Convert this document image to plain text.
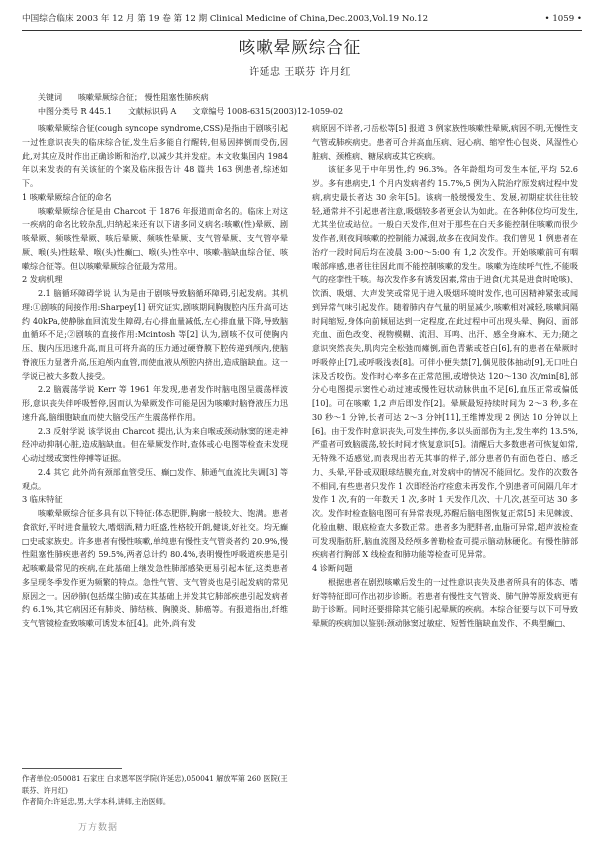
中国综合临床 2003 年 12 月 第 19 卷 第 12 期 Clinical Medicine of China,Dec.2003,Vol.19 No.12	• 1059 •
咳嗽晕厥综合征
许延忠 王联芬 许月红
关键词 咳嗽晕厥综合征； 慢性阻塞性肺疾病
中图分类号 R 445.1 文献标识码 A 文章编号 1008-6315(2003)12-1059-02

咳嗽晕厥综合征(cough syncope syndrome,CSS)是指由于剧咳引起一过性意识丧失的临床综合征,发生后多能自行醒转,但易因摔倒而受伤,因此,对其应及时作出正确诊断和治疗,以减少其并发症。本文收集国内 1984 年以来发表的有关该征的个案及临床报告计 48 篇共 163 例患者,综述如下。

1 咳嗽晕厥综合征的命名

咳嗽晕厥综合征是由 Charcot 于 1876 年报道而命名的。临床上对这一疾病的命名比较杂乱,归纳起来还有以下诸多同义病名:咳嗽(性)晕厥、剧咳晕厥、频咳性晕厥、咳后晕厥、频咳性晕厥、支气管晕厥、支气管亭晕厥、喉(头)性眩晕、喉(头)性癫□、喉(头)性卒中、咳嗽-脑缺血综合征、咳嗽综合征等。但以咳嗽晕厥综合征最为常用。

2 发病机理

2.1 脑循环障碍学说 认为是由于剧咳导致脑循环障碍,引起发病。其机理:①剧咳的间接作用:Sharpey[1] 研究证实,剧咳期间胸腹腔内压升高可达约 40kPa,使静脉血回流发生障碍,右心排血量减低,左心排血量下降,导致脑血循环不足;②剧咳的直接作用:Mcintosh 等[2] 认为,剧咳不仅可使胸内压、腹内压迅速升高,而且可将升高的压力通过硬脊膜下腔传递到颅内,使脑脊液压力显著升高,压迫颅内血管,而使血液从颅腔内挤出,造成脑缺血。这一学说已被大多数人接受。

2.2 脑震荡学说 Kerr 等 1961 年发现,患者发作时脑电图呈震荡样波形,意识丧失伴呼吸暂停,因而认为晕厥发作可能是因为咳嗽时脑脊液压力迅速升高,脑细胞缺血而使大脑受压产生震荡样作用。

2.3 反射学说 该学说由 Charcot 提出,认为来自喉或颈动脉窦的迷走神经冲动抑制心脏,造成脑缺血。但在晕厥发作时,查体或心电图等检查未发现心动过缓或窦性停搏等证据。

2.4 其它 此外尚有颈部血管受压、癫□发作、肺通气血流比失调[3] 等观点。

3 临床特征

咳嗽晕厥综合征多具有以下特征:体态肥胖,胸廓一般较大、饱满。患者食欲好,平时进食量较大,嗜烟酒,精力旺盛,性格较开朗,健谈,好社交。均无癫□史或家族史。许多患者有慢性咳嗽,单纯患有慢性支气管炎者约 20.9%,慢性阻塞性肺疾患者约 59.5%,两者总计约 80.4%,表明慢性呼吸道疾患是引起咳嗽最常见的疾病,在此基础上继发急性肺部感染更易引起本征,这类患者多呈现冬季发作更为频繁的特点。急性气管、支气管炎也是引起发病的常见原因之一。因砂肺(包括煤尘肺)或在其基础上并发其它肺部疾患引起发病者约 6.1%,其它病因还有肺炎、肺结核、胸膜炎、肺癌等。有报道指出,纤维支气管镜检查致咳嗽可诱发本征[4]。此外,尚有发

病原因不详者,刁岳松等[5] 报道 3 例家族性咳嗽性晕厥,病因不明,无慢性支气管或肺疾病史。患者可合并高血压病、冠心病、缩窄性心包炎、风湿性心脏病、颈椎病、糖尿病或其它疾病。

该征多见于中年男性,约 96.3%。各年龄组均可发生本征,平均 52.6 岁。多有患病史,1 个月内发病者约 15.7%,5 例为入院治疗原发病过程中发病,病史最长者达 30 余年[5]。该病一般缓慢发生、发展,初期症状往往较轻,通常并不引起患者注意,吸烟较多者更会认为如此。在各种体位均可发生,尤其坐位或站位。一般白天发作,但对于那些在白天多能控制住咳嗽而很少发作者,则夜间咳嗽的控制能力减弱,故多在夜间发作。我们曾见 1 例患者在治疗一段时间后均在凌晨 3:00～5:00 有 1,2 次发作。开始咳嗽前可有咽喉部痒感,患者往往因此而不能控制咳嗽的发生。咳嗽为连续呼气性,不能吸气的痉挛性干咳。每次发作多有诱发因素,常由于进食(尤其是进食时呛咳)、饮酒、吸烟、大声发笑或常见于进入吸烟环境时发作,也可因精神紧张或闻到异常气味引起发作。随着肺内存气量的明显减少,咳嗽相对减轻,咳嗽间隔时间缩短,身体向前倾屈达到一定程度,在此过程中可出现头晕、胸闷、面部充血、面色改变、视物模糊、流泪、耳鸣、出汗、感全身麻木、无力;随之意识突然丧失,肌肉完全松弛而瘫倒,面色青紫或苍白[6],有的患者在晕厥时呼吸停止[7],或呼吸浅表[8]。可伴小便失禁[7],偶见肢体抽动[9],无口吐白沫及舌咬伤。发作时心率多在正常范围,或增快达 120～130 次/min[8],部分心电图提示窦性心动过速或慢性冠状动脉供血不足[6],血压正常或偏低[10]。可在咳嗽 1,2 声后即发作[2]。晕厥最短持续时间为 2～3 秒,多在 30 秒～1 分钟,长者可达 2～3 分钟[11],王维博发现 2 例达 10 分钟以上[6]。由于发作时意识丧失,可发生摔伤,多以头面部伤为主,发生率约 13.5%,严重者可致脑震荡,较长时间才恢复意识[5]。清醒后大多数患者可恢复如常,无特殊不适感觉,而表现出若无其事的样子,部分患者仍有面色苍白、感乏力、头晕,平卧或双眼球结膜充血,对发病中的情况不能回忆。发作的次数各不相同,有些患者只发作 1 次即经治疗痊愈未再发作,个别患者可间隔几年才发作 1 次,有的一年数天 1 次,多时 1 天发作几次、十几次,甚至可达 30 多次。发作时检查脑电图可有异常表现,苏醒后脑电图恢复正常[5] 未见棘波、化验血糖、眼底检查大多数正常。患者多为肥胖者,血脂可异常,超声波检查可发现脂肪肝,脑血流图及经颅多普勒检查可提示脑动脉硬化。有慢性肺部疾病者行胸部 X 线检查和肺功能等检查可见异常。

4 诊断问题

根据患者在剧烈咳嗽后发生的一过性意识丧失及患者所具有的体态、嗜好等特征即可作出初步诊断。若患者有慢性支气管炎、肺气肿等原发病更有助于诊断。同时还要排除其它能引起晕厥的疾病。本综合征要与以下可导致晕厥的疾病加以鉴别:颈动脉窦过敏症、短暂性脑缺血发作、不典型癫□、

作者单位:050081 石家庄 白求恩军医学院(许延忠),050041 解放军第 260 医院(王联芬、许月红)
作者简介:许延忠,男,大学本科,讲师,主治医师。
万方数据
